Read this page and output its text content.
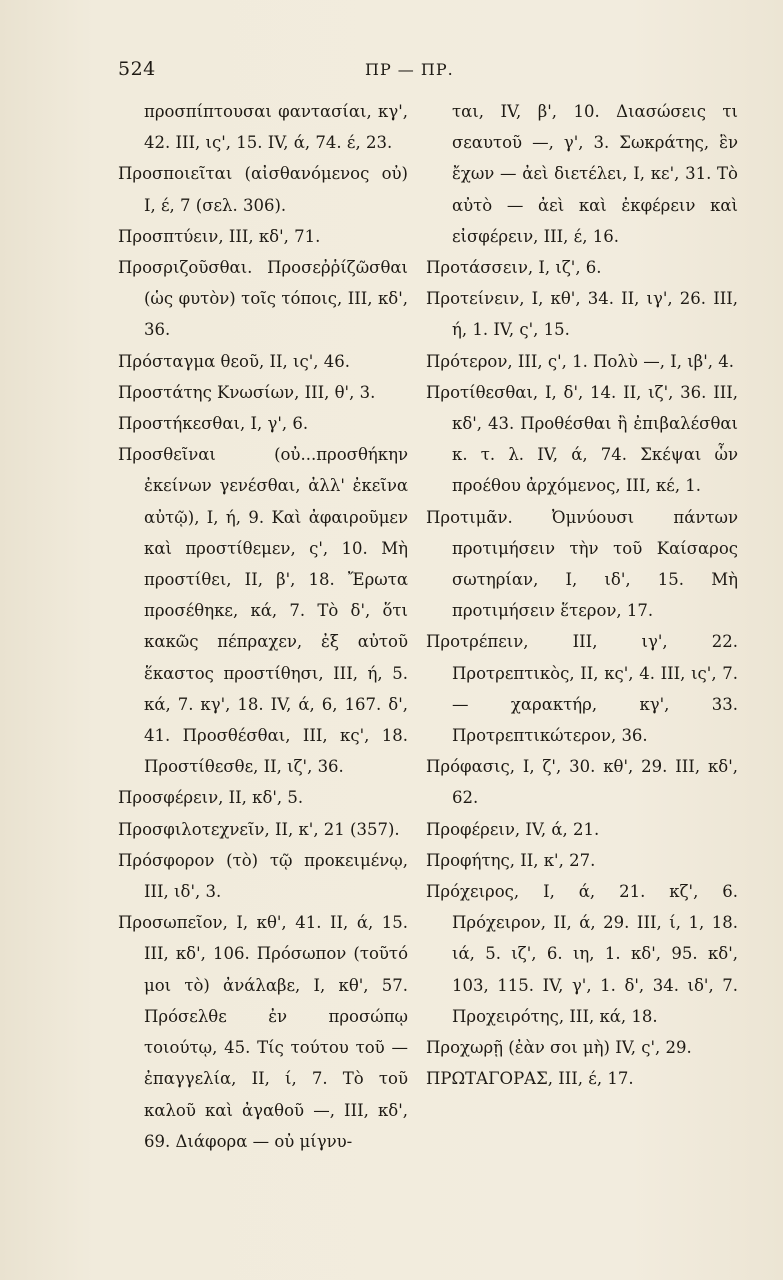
524	ΠΡ — ΠΡ.

προσπίπτουσαι φαντασίαι, κγ', 42. III, ις', 15. IV, ά, 74. έ, 23.

Προσποιεῖται (αἰσθανόμενος οὐ) I, έ, 7 (σελ. 306).

Προσπτύειν, III, κδ', 71.

Προσριζοῦσθαι. Προσεῤῥίζῶσθαι (ὡς φυτὸν) τοῖς τόποις, III, κδ', 36.

Πρόσταγμα θεοῦ, II, ις', 46.

Προστάτης Κνωσίων, III, θ', 3.

Προστήκεσθαι, I, γ', 6.

Προσθεῖναι (οὐ...προσθήκην ἐκείνων γενέσθαι, ἀλλ' ἐκεῖνα αὐτῷ), I, ή, 9. Καὶ ἀφαιροῦμεν καὶ προστίθεμεν, ς', 10. Μὴ προστίθει, II, β', 18. Ἔρωτα προσέθηκε, κά, 7. Τὸ δ', ὅτι κακῶς πέπραχεν, ἐξ αὐτοῦ ἕκαστος προστίθησι, III, ή, 5. κά, 7. κγ', 18. IV, ά, 6, 167. δ', 41. Προσθέσθαι, III, κς', 18. Προστίθεσθε, II, ιζ', 36.

Προσφέρειν, II, κδ', 5.

Προσφιλοτεχνεῖν, II, κ', 21 (357).

Πρόσφορον (τὸ) τῷ προκειμένῳ, III, ιδ', 3.

Προσωπεῖον, I, κθ', 41. II, ά, 15. III, κδ', 106. Πρόσωπον (τοῦτό μοι τὸ) ἀνάλαβε, I, κθ', 57. Πρόσελθε ἐν προσώπῳ τοιούτῳ, 45. Τίς τούτου τοῦ — ἐπαγγελία, II, ί, 7. Τὸ τοῦ καλοῦ καὶ ἀγαθοῦ —, III, κδ', 69. Διάφορα — οὐ μίγνυ-

ται, IV, β', 10. Διασώσεις τι σεαυτοῦ —, γ', 3. Σωκράτης, ἓν ἔχων — ἀεὶ διετέλει, I, κε', 31. Τὸ αὐτὸ — ἀεὶ καὶ ἐκφέρειν καὶ εἰσφέρειν, III, έ, 16.

Προτάσσειν, I, ιζ', 6.

Προτείνειν, I, κθ', 34. II, ιγ', 26. III, ή, 1. IV, ς', 15.

Πρότερον, III, ς', 1. Πολὺ —, I, ιβ', 4.

Προτίθεσθαι, I, δ', 14. II, ιζ', 36. III, κδ', 43. Προθέσθαι ἢ ἐπιβαλέσθαι κ. τ. λ. IV, ά, 74. Σκέψαι ὧν προέθου ἀρχόμενος, III, κέ, 1.

Προτιμᾶν. Ὀμνύουσι πάντων προτιμήσειν τὴν τοῦ Καίσαρος σωτηρίαν, I, ιδ', 15. Μὴ προτιμήσειν ἕτερον, 17.

Προτρέπειν, III, ιγ', 22. Προτρεπτικὸς, II, κς', 4. III, ις', 7. — χαρακτήρ, κγ', 33. Προτρεπτικώτερον, 36.

Πρόφασις, I, ζ', 30. κθ', 29. III, κδ', 62.

Προφέρειν, IV, ά, 21.

Προφήτης, II, κ', 27.

Πρόχειρος, I, ά, 21. κζ', 6. Πρόχειρον, II, ά, 29. III, ί, 1, 18. ιά, 5. ιζ', 6. ιη, 1. κδ', 95. κδ', 103, 115. IV, γ', 1. δ', 34. ιδ', 7. Προχειρότης, III, κά, 18.

Προχωρῇ (ἐὰν σοι μὴ) IV, ς', 29.

ΠΡΩΤΑΓΟΡΑΣ, III, έ, 17.
